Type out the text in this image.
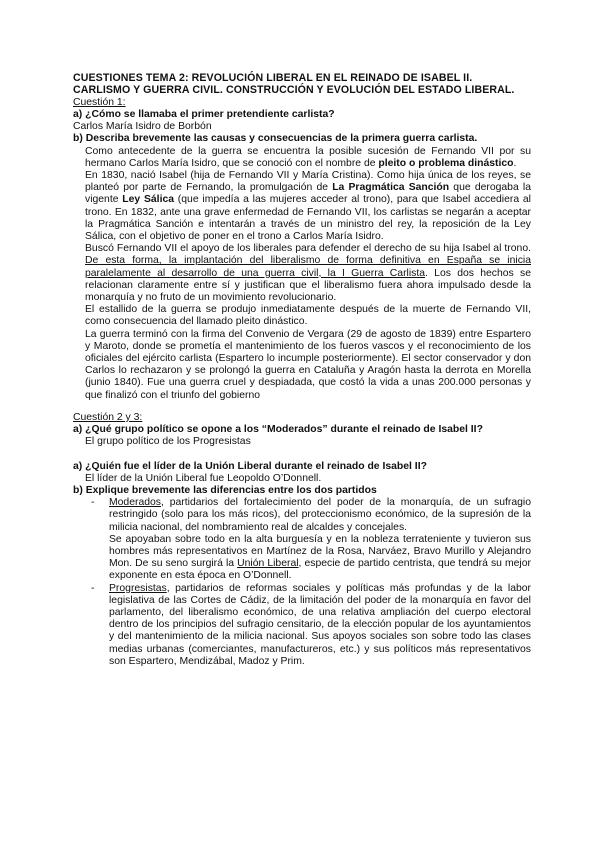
CUESTIONES TEMA 2: REVOLUCIÓN LIBERAL EN EL REINADO DE ISABEL II. CARLISMO Y GUERRA CIVIL. CONSTRUCCIÓN Y EVOLUCIÓN DEL ESTADO LIBERAL.

Cuestión 1:

a) ¿Cómo se llamaba el primer pretendiente carlista?

Carlos María Isidro de Borbón

b) Describa brevemente las causas y consecuencias de la primera guerra carlista.

Como antecedente de la guerra se encuentra la posible sucesión de Fernando VII por su hermano Carlos María Isidro, que se conoció con el nombre de pleito o problema dinástico.

En 1830, nació Isabel (hija de Fernando VII y María Cristina). Como hija única de los reyes, se planteó por parte de Fernando, la promulgación de La Pragmática Sanción que derogaba la vigente Ley Sálica (que impedía a las mujeres acceder al trono), para que Isabel accediera al trono. En 1832, ante una grave enfermedad de Fernando VII, los carlistas se negarán a aceptar la Pragmática Sanción e intentarán a través de un ministro del rey, la reposición de la Ley Sálica, con el objetivo de poner en el trono a Carlos María Isidro.

Buscó Fernando VII el apoyo de los liberales para defender el derecho de su hija Isabel al trono. De esta forma, la implantación del liberalismo de forma definitiva en España se inicia paralelamente al desarrollo de una guerra civil, la I Guerra Carlista. Los dos hechos se relacionan claramente entre sí y justifican que el liberalismo fuera ahora impulsado desde la monarquía y no fruto de un movimiento revolucionario.

El estallido de la guerra se produjo inmediatamente después de la muerte de Fernando VII, como consecuencia del llamado pleito dinástico.

La guerra terminó con la firma del Convenio de Vergara (29 de agosto de 1839) entre Espartero y Maroto, donde se prometía el mantenimiento de los fueros vascos y el reconocimiento de los oficiales del ejército carlista (Espartero lo incumple posteriormente). El sector conservador y don Carlos lo rechazaron y se prolongó la guerra en Cataluña y Aragón hasta la derrota en Morella (junio 1840). Fue una guerra cruel y despiadada, que costó la vida a unas 200.000 personas y que finalizó con el triunfo del gobierno

Cuestión 2 y 3:

a) ¿Qué grupo político se opone a los “Moderados” durante el reinado de Isabel II?

El grupo político de los Progresistas

a) ¿Quién fue el líder de la Unión Liberal durante el reinado de Isabel II?

El líder de la Unión Liberal fue Leopoldo O’Donnell.

b) Explique brevemente las diferencias entre los dos partidos

- Moderados, partidarios del fortalecimiento del poder de la monarquía, de un sufragio restringido (solo para los más ricos), del proteccionismo económico, de la supresión de la milicia nacional, del nombramiento real de alcaldes y concejales.

Se apoyaban sobre todo en la alta burguesía y en la nobleza terrateniente y tuvieron sus hombres más representativos en Martínez de la Rosa, Narváez, Bravo Murillo y Alejandro Mon. De su seno surgirá la Unión Liberal, especie de partido centrista, que tendrá su mejor exponente en esta época en O’Donnell.

- Progresistas, partidarios de reformas sociales y políticas más profundas y de la labor legislativa de las Cortes de Cádiz, de la limitación del poder de la monarquía en favor del parlamento, del liberalismo económico, de una relativa ampliación del cuerpo electoral dentro de los principios del sufragio censitario, de la elección popular de los ayuntamientos y del mantenimiento de la milicia nacional. Sus apoyos sociales son sobre todo las clases medias urbanas (comerciantes, manufactureros, etc.) y sus políticos más representativos son Espartero, Mendizábal, Madoz y Prim.
